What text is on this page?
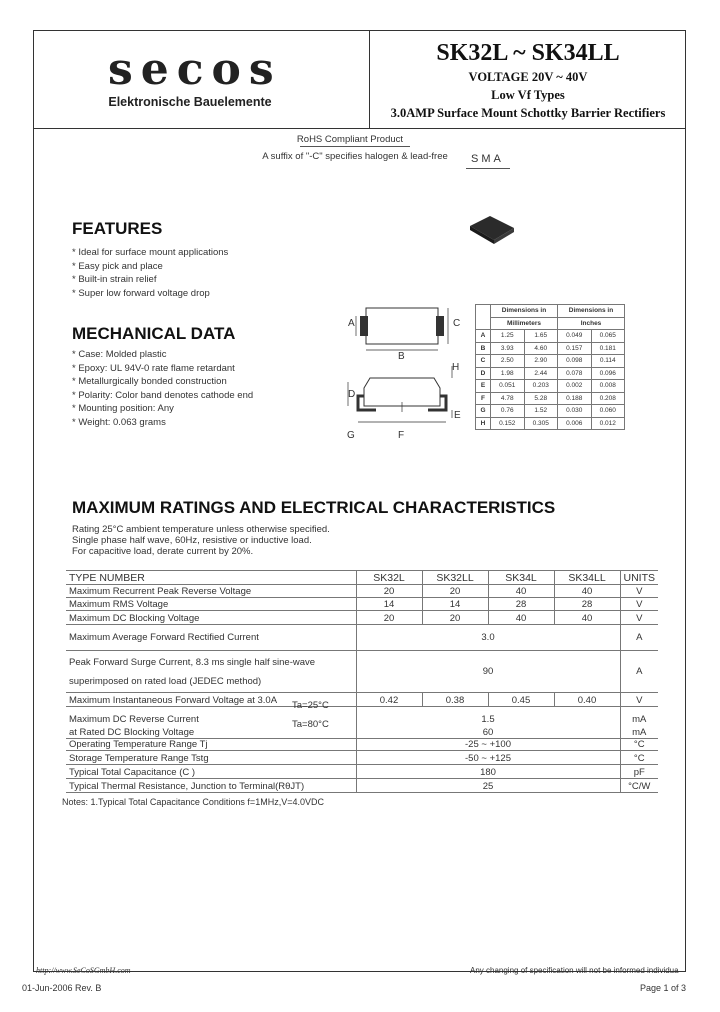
secos
Elektronische Bauelemente
SK32L ~ SK34LL
VOLTAGE 20V ~ 40V
Low Vf Types
3.0AMP Surface Mount Schottky Barrier Rectifiers
RoHS Compliant Product
A suffix of "-C" specifies halogen & lead-free	SMA
FEATURES
* Ideal for surface mount applications
* Easy pick and place
* Built-in strain relief
* Super low forward voltage drop
MECHANICAL DATA
* Case: Molded plastic
* Epoxy: UL 94V-0 rate flame retardant
* Metallurgically bonded construction
* Polarity: Color band denotes cathode end
* Mounting position: Any
* Weight: 0.063 grams
A
B
C
D
E
F
G
H

	Dimensions in		Dimensions in	

	Millimeters		Inches	
A	1.25	1.65	0.049	0.065
B	3.93	4.60	0.157	0.181
C	2.50	2.90	0.098	0.114
D	1.98	2.44	0.078	0.096
E	0.051	0.203	0.002	0.008
F	4.78	5.28	0.188	0.208
G	0.76	1.52	0.030	0.060
H	0.152	0.305	0.006	0.012
MAXIMUM RATINGS AND ELECTRICAL CHARACTERISTICS
Rating 25°C ambient temperature unless otherwise specified.
Single phase half wave, 60Hz, resistive or inductive load.
For capacitive load, derate current by 20%.
TYPE NUMBER	SK32L	SK32LL	SK34L	SK34LL	UNITS
Maximum Recurrent Peak Reverse Voltage	20	20	40	40	V
Maximum RMS Voltage	14	14	28	28	V
Maximum DC Blocking Voltage	20	20	40	40	V
Maximum Average Forward Rectified Current	3.0				A

Peak Forward Surge Current, 8.3 ms single half sine-wave
superimposed on rated load (JEDEC method)	90				A
Maximum Instantaneous Forward Voltage at 3.0A	0.42	0.38	0.45	0.40	V
Maximum DC Reverse Current	1.5				mA
at Rated DC Blocking Voltage	60				mA
Operating Temperature Range Tj	-25 ~ +100				°C
Storage Temperature Range Tstg	-50 ~ +125				°C
Typical Total Capacitance (C )	180				pF
Typical Thermal Resistance, Junction to Terminal(RθJT)	25				°C/W
Ta=25°C
Ta=80°C
Notes: 1.Typical Total Capacitance Conditions f=1MHz,V=4.0VDC
http://www.SeCoSGmbH.com	Any changing of specification will not be informed individua
01-Jun-2006 Rev. B	Page 1 of 3
